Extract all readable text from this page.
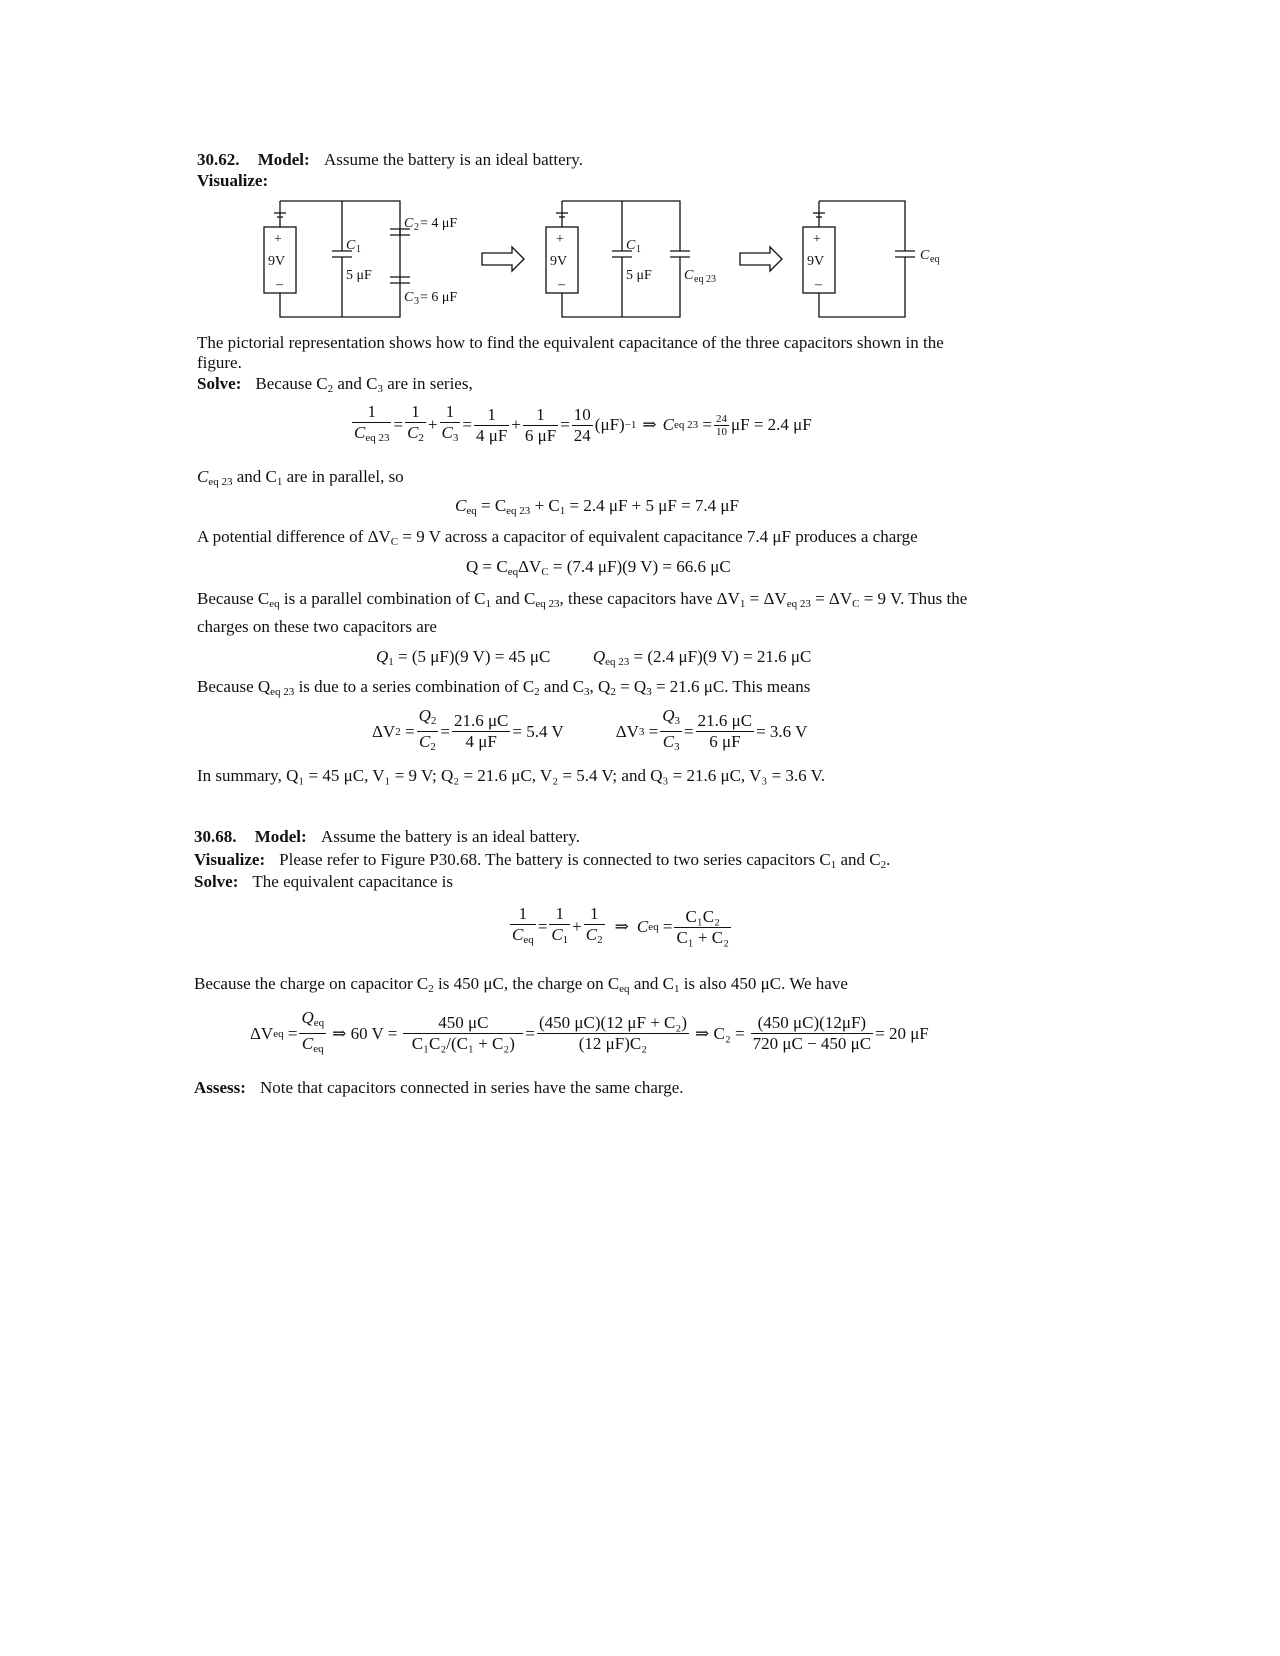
30.62. Model: Assume the battery is an ideal battery.
Visualize:
+
9V
–
C 1
5 μF
C 2 = 4 μF
C 3 = 6 μF
+
9V
–
C 1
5 μF C eq 23
+
9V
–
C eq
The pictorial representation shows how to find the equivalent capacitance of the three capacitors shown in the
figure.
Solve: Because $C_2$ and $C_3$ are in series,
$\frac{1}{C_{eq 23}} = \frac{1}{C_2} + \frac{1}{C_3} = \frac{1}{4 \mu F} + \frac{1}{6 \mu F} = \frac{10}{24} (\mu F) -1$ ⇒ C eq $23 = \frac{24}{10}$ μF = 2.4 μF
$C_{eq 23}$ and $C_1$ are in parallel, so
$C_{eq} = C_{eq 23} + C_1 = 2.4$ μF + 5 μF = 7.4 μF
A potential difference of $\Delta V_C = 9$ V across a capacitor of equivalent capacitance 7.4 μF produces a charge
$Q = C_{eq}\Delta V_C = (7.4$ μF)(9 V) = 66.6 μC
Because $C_{eq}$ is a parallel combination of $C_1$ and $C_{eq 23}$, these capacitors have $\Delta V_1 = \Delta V_{eq 23} = \Delta V_C = 9$ V. Thus the
charges on these two capacitors are
$Q_1 = (5$ μF)(9 V) = 45 μC	$Q_{eq 23} = (2.4$ μF)(9 V) = 21.6 μC
Because $Q_{eq 23}$ is due to a series combination of $C_2$ and $C_3$, $Q_2 = Q_3 = 21.6$ μC. This means
ΔV $2 = \frac{Q_2}{C_2} = \frac{21.6 \mu C}{4 \mu F} = 5.4$ V	ΔV $3 = \frac{Q_3}{C_3} = \frac{21.6 \mu C}{6 \mu F} = 3.6$ V
In summary, Q₁ = 45 μC, V₁ = 9 V; Q₂ = 21.6 μC, V₂ = 5.4 V; and Q₃ = 21.6 μC, V₃ = 3.6 V.
30.68. Model: Assume the battery is an ideal battery.
Visualize: Please refer to Figure P30.68. The battery is connected to two series capacitors $C_1$ and $C_2$.
Solve: The equivalent capacitance is
$\frac{1}{C_{eq}} = \frac{1}{C_1} + \frac{1}{C_2}$ ⇒ C eq = $\frac{\text{C₁C₂}}{\text{C₁ + C₂}}$
Because the charge on capacitor $C_2$ is 450 μC, the charge on $C_{eq}$ and $C_1$ is also 450 μC. We have
ΔV eq = $\frac{Q_{eq}}{C_{eq}}$ ⇒ 60 $V = \frac{450 \mu C}{\text{C₁C₂/(C₁ + C₂)}} = \frac{\text{(450 μC)(12 μF + C₂)}}{\text{(12 μF)C₂}}$ ⇒ $C_2 = \frac{(450 \mu C)(12\mu F)}{720 \mu C - 450 \mu C} = 20$ μF
Assess: Note that capacitors connected in series have the same charge.
